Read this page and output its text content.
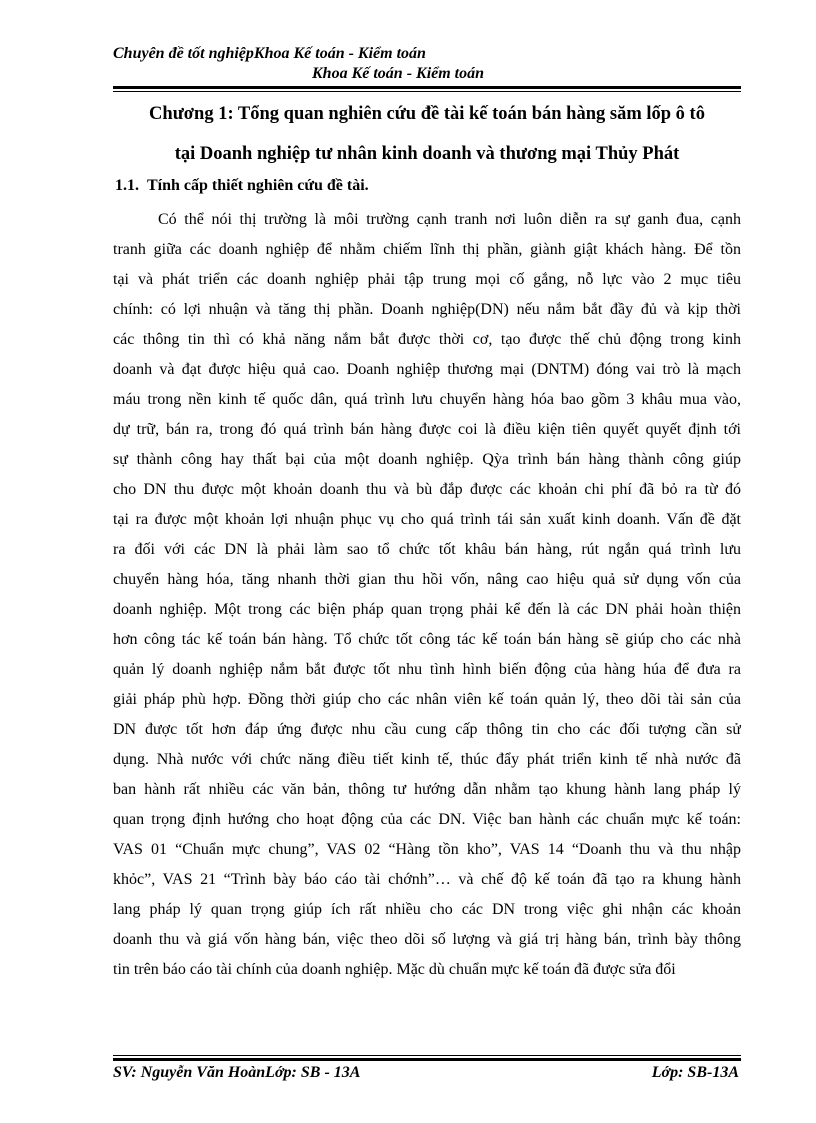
Chuyên đề tốt nghiệpKhoa Kế toán - Kiểm toán
Khoa Kế toán - Kiểm toán
Chương 1: Tổng quan nghiên cứu đề tài kế toán bán hàng săm lốp ô tô
tại Doanh nghiệp tư nhân kinh doanh và thương mại Thủy Phát
1.1. Tính cấp thiết nghiên cứu đề tài.
Có thể nói thị trường là môi trường cạnh tranh nơi luôn diễn ra sự ganh đua, cạnh
tranh giữa các doanh nghiệp để nhằm chiếm lĩnh thị phần, giành giật khách hàng. Để tồn
tại và phát triển các doanh nghiệp phải tập trung mọi cố gắng, nỗ lực vào 2 mục tiêu
chính: có lợi nhuận và tăng thị phần. Doanh nghiệp(DN) nếu nắm bắt đầy đủ và kịp thời
các thông tin thì có khả năng nắm bắt được thời cơ, tạo được thế chủ động trong kinh
doanh và đạt được hiệu quả cao. Doanh nghiệp thương mại (DNTM) đóng vai trò là mạch
máu trong nền kinh tế quốc dân, quá trình lưu chuyển hàng hóa bao gồm 3 khâu mua vào,
dự trữ, bán ra, trong đó quá trình bán hàng được coi là điều kiện tiên quyết quyết định tới
sự thành công hay thất bại của một doanh nghiệp. Qỳa trình bán hàng thành công giúp
cho DN thu được một khoản doanh thu và bù đắp được các khoản chi phí đã bỏ ra từ đó
tại ra được một khoản lợi nhuận phục vụ cho quá trình tái sản xuất kinh doanh. Vấn đề đặt
ra đối với các DN là phải làm sao tổ chức tốt khâu bán hàng, rút ngắn quá trình lưu
chuyển hàng hóa, tăng nhanh thời gian thu hồi vốn, nâng cao hiệu quả sử dụng vốn của
doanh nghiệp. Một trong các biện pháp quan trọng phải kể đến là các DN phải hoàn thiện
hơn công tác kế toán bán hàng. Tổ chức tốt công tác kế toán bán hàng sẽ giúp cho các nhà
quản lý doanh nghiệp nắm bắt được tốt nhu tình hình biến động của hàng húa để đưa ra
giải pháp phù hợp. Đồng thời giúp cho các nhân viên kế toán quản lý, theo dõi tài sản của
DN được tốt hơn đáp ứng được nhu cầu cung cấp thông tin cho các đối tượng cần sử
dụng. Nhà nước với chức năng điều tiết kinh tế, thúc đẩy phát triển kinh tế nhà nước đã
ban hành rất nhiều các văn bản, thông tư hướng dẫn nhằm tạo khung hành lang pháp lý
quan trọng định hướng cho hoạt động của các DN. Việc ban hành các chuẩn mực kế toán:
VAS 01 “Chuẩn mực chung”, VAS 02 “Hàng tồn kho”, VAS 14 “Doanh thu và thu nhập
khỏc”, VAS 21 “Trình bày báo cáo tài chớnh”… và chế độ kế toán đã tạo ra khung hành
lang pháp lý quan trọng giúp ích rất nhiều cho các DN trong việc ghi nhận các khoản
doanh thu và giá vốn hàng bán, việc theo dõi số lượng và giá trị hàng bán, trình bày thông
tin trên báo cáo tài chính của doanh nghiệp. Mặc dù chuẩn mực kế toán đã được sửa đổi
SV: Nguyễn Văn HoànLớp: SB - 13A	Lớp: SB-13A
